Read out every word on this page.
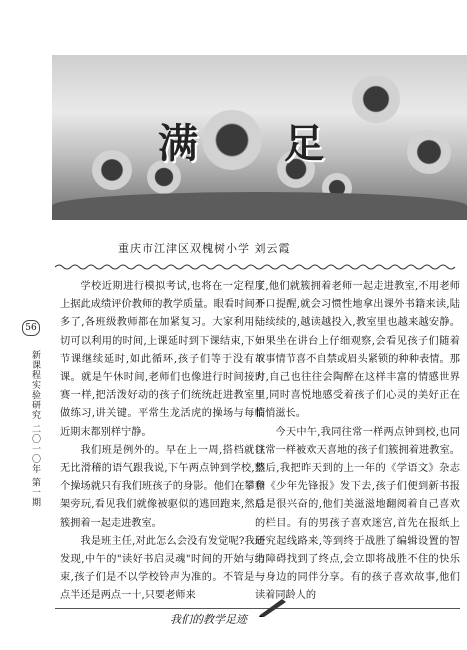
满 足
重庆市江津区双槐树小学 刘云霞
56
新课程实验研究 二〇一〇年 第一期

学校近期进行模拟考试,也将在一定程度上据此成绩评价教师的教学质量。眼看时间不多了,各班级教师都在加紧复习。大家利用一切可以利用的时间,上课延时到下课结束,下一节课继续延时,如此循环,孩子们等于没有下课。就是午休时间,老师们也像进行时间接力赛一样,把活泼好动的孩子们统统赶进教室里做练习,讲关键。平常生龙活虎的操场与每临近期末都别样宁静。

我们班是例外的。早在上一周,搭档就以无比滑稽的语气跟我说,下午两点钟到学校,整个操场就只有我们班孩子的身影。他们在攀登架旁玩,看见我们就像被驱似的逃回跑来,然后簇拥着一起走进教室。

我是班主任,对此怎么会没有发觉呢?我还发现,中午的"读好书启灵魂"时间的开始与结束,孩子们是不以学校铃声为准的。不管是一点半还是两点一十,只要老师来

了,他们就簇拥着老师一起走进教室,不用老师开口提醒,就会习惯性地拿出课外书籍来读,陆陆续续的,越读越投入,教室里也越来越安静。如果坐在讲台上仔细观察,会看见孩子们随着故事情节喜不自禁或眉头紧锁的种种表情。那时,自己也往往会陶醉在这样丰富的情感世界里,同时喜悦地感受着孩子们心灵的美好正在悄悄滋长。

今天中午,我同往常一样两点钟到校,也同往常一样被欢天喜地的孩子们簇拥着进教室。然后,我把昨天到的上一年的《学语文》杂志和《少年先锋报》发下去,孩子们便到新书报总是很兴奋的,他们美滋滋地翻阅着自己喜欢的栏目。有的男孩子喜欢迷宫,首先在报纸上研究起线路来,等到终于战胜了编辑设置的智力障碍找到了终点,会立即将战胜不住的快乐与身边的同伴分享。有的孩子喜欢故事,他们读着同龄人的

我们的教学足迹
